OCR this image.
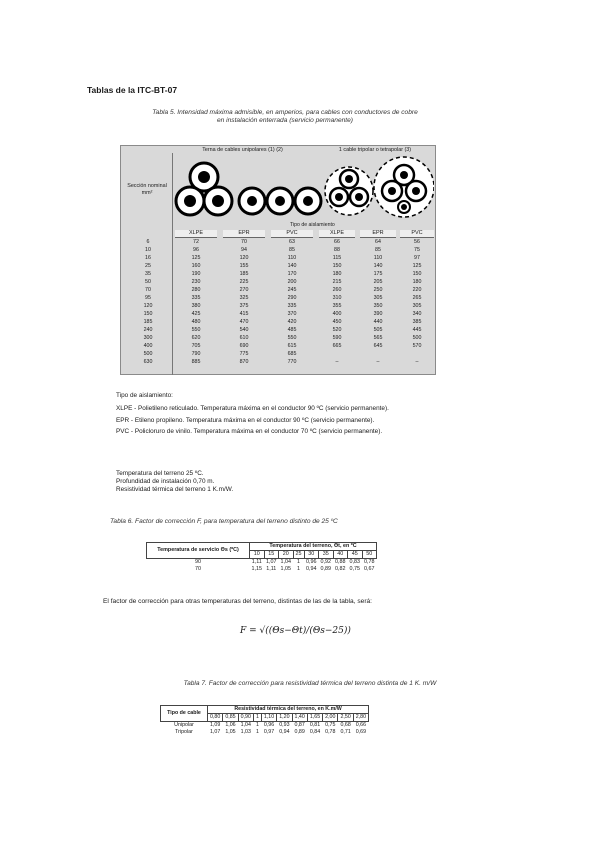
Tablas de la ITC-BT-07
Tabla 5. Intensidad máxima admisible, en amperios, para cables con conductores de cobre
en instalación enterrada (servicio permanente)
Terna de cables unipolares (1) (2)	1 cable tripolar o tetrapolar (3)
Sección nominal mm²
Tipo de aislamiento
XLPE	EPR	PVC	XLPE	EPR	PVC
6	72	70	63	66	64	56
10	96	94	85	88	85	75
16	125	120	110	115	110	97
25	160	155	140	150	140	125
35	190	185	170	180	175	150
50	230	225	200	215	205	180
70	280	270	245	260	250	220
95	335	325	290	310	305	265
120	380	375	335	355	350	305
150	425	415	370	400	390	340
185	480	470	420	450	440	385
240	550	540	485	520	505	445
300	620	610	550	590	565	500
400	705	690	615	665	645	570
500	790	775	685
630	885	870	770	–	–	–

Tipo de aislamiento:

XLPE - Polietileno reticulado. Temperatura máxima en el conductor 90 ºC (servicio permanente).

EPR - Etileno propileno. Temperatura máxima en el conductor 90 ºC (servicio permanente).

PVC - Policloruro de vinilo. Temperatura máxima en el conductor 70 ºC (servicio permanente).

Temperatura del terreno 25 ºC.
Profundidad de instalación 0,70 m.
Resistividad térmica del terreno 1 K.m/W.
Tabla 6. Factor de corrección F, para temperatura del terreno distinto de 25 ºC
Temperatura de servicio Θs (ºC)	Temperatura del terreno, Θt, en ºC								
	10	15	20	25	30	35	40	45	50
90	1,11	1,07	1,04	1	0,96	0,92	0,88	0,83	0,78
70	1,15	1,11	1,05	1	0,94	0,89	0,82	0,75	0,67
El factor de corrección para otras temperaturas del terreno, distintas de las de la tabla, será:
F = √((Θs−Θt)/(Θs−25))
Tabla 7. Factor de corrección para resistividad térmica del terreno distinta de 1 K. m/W
Tipo de cable	Resistividad térmica del terreno, en K.m/W										
	0,80	0,85	0,90	1	1,10	1,20	1,40	1,65	2,00	2,50	2,80
Unipolar	1,09	1,06	1,04	1	0,96	0,93	0,87	0,81	0,75	0,68	0,66
Tripolar	1,07	1,05	1,03	1	0,97	0,94	0,89	0,84	0,78	0,71	0,69
